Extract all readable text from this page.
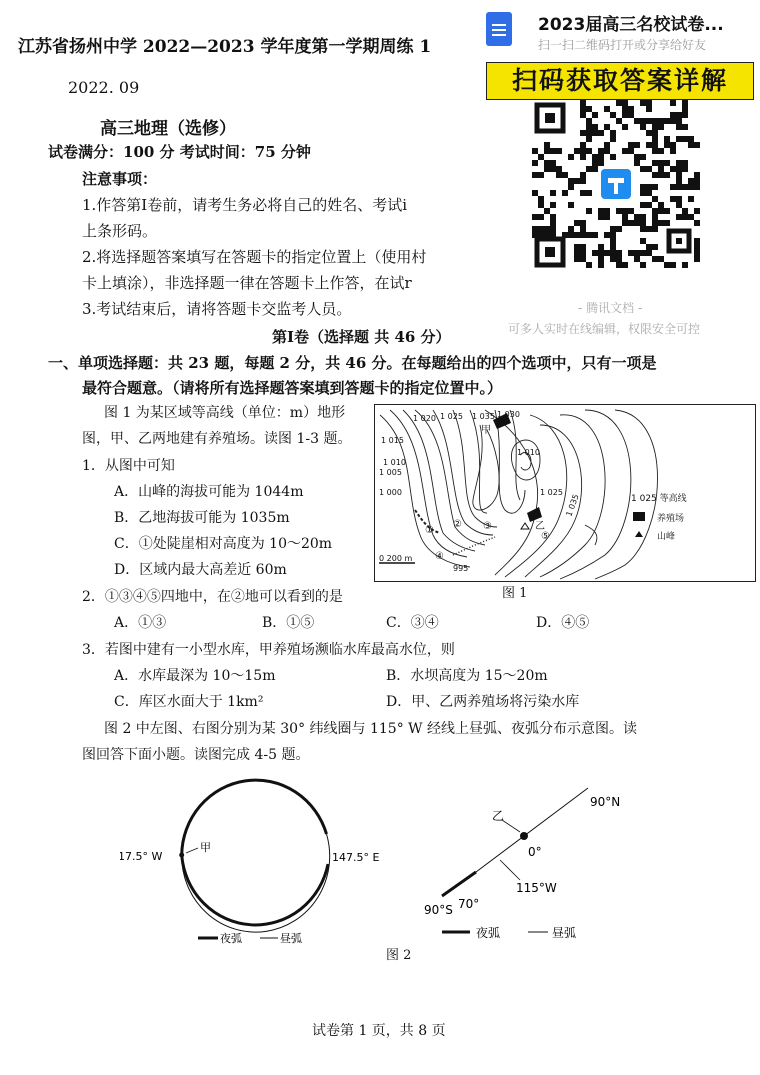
江苏省扬州中学 2022—2023 学年度第一学期周练 1
2022. 09
高三地理（选修）
试卷满分：100 分 考试时间：75 分钟
注意事项：
1.作答第Ⅰ卷前，请考生务必将自己的姓名、考试i
上条形码。
2.将选择题答案填写在答题卡的指定位置上（使用村
卡上填涂），非选择题一律在答题卡上作答，在试r
3.考试结束后，请将答题卡交监考人员。
2023届高三名校试卷...
扫一扫二维码打开或分享给好友
扫码获取答案详解
- 腾讯文档 -
可多人实时在线编辑，权限安全可控
第Ⅰ卷（选择题 共 46 分）
一、单项选择题：共 23 题，每题 2 分，共 46 分。在每题给出的四个选项中，只有一项是
最符合题意。（请将所有选择题答案填到答题卡的指定位置中。）
图 1 为某区域等高线（单位：m）地形
图，甲、乙两地建有养殖场。读图 1-3 题。
1 020 1 025 1 035 1 030
1 015
1 010
1 005
1 000
1 010
1 025
1 035
995
0 200 m
甲
乙
①
② ③
④
⑤
1 025 等高线
养殖场
山峰
图 1
1．从图中可知
A．山峰的海拔可能为 1044m
B．乙地海拔可能为 1035m
C．①处陡崖相对高度为 10～20m
D．区域内最大高差近 60m
2．①③④⑤四地中，在②地可以看到的是
A．①③	B．①⑤	C．③④	D．④⑤
3．若图中建有一小型水库，甲养殖场濒临水库最高水位，则
A．水库最深为 10～15m	B．水坝高度为 15～20m
C．库区水面大于 1km²	D．甲、乙两养殖场将污染水库
图 2 中左图、右图分别为某 30° 纬线圈与 115° W 经线上昼弧、夜弧分布示意图。读
图回答下面小题。读图完成 4-5 题。
17.5° W	147.5° E
甲
夜弧	昼弧
图 2
乙
0°
90°N
90°S 70°
115°W
夜弧	昼弧
试卷第 1 页，共 8 页
